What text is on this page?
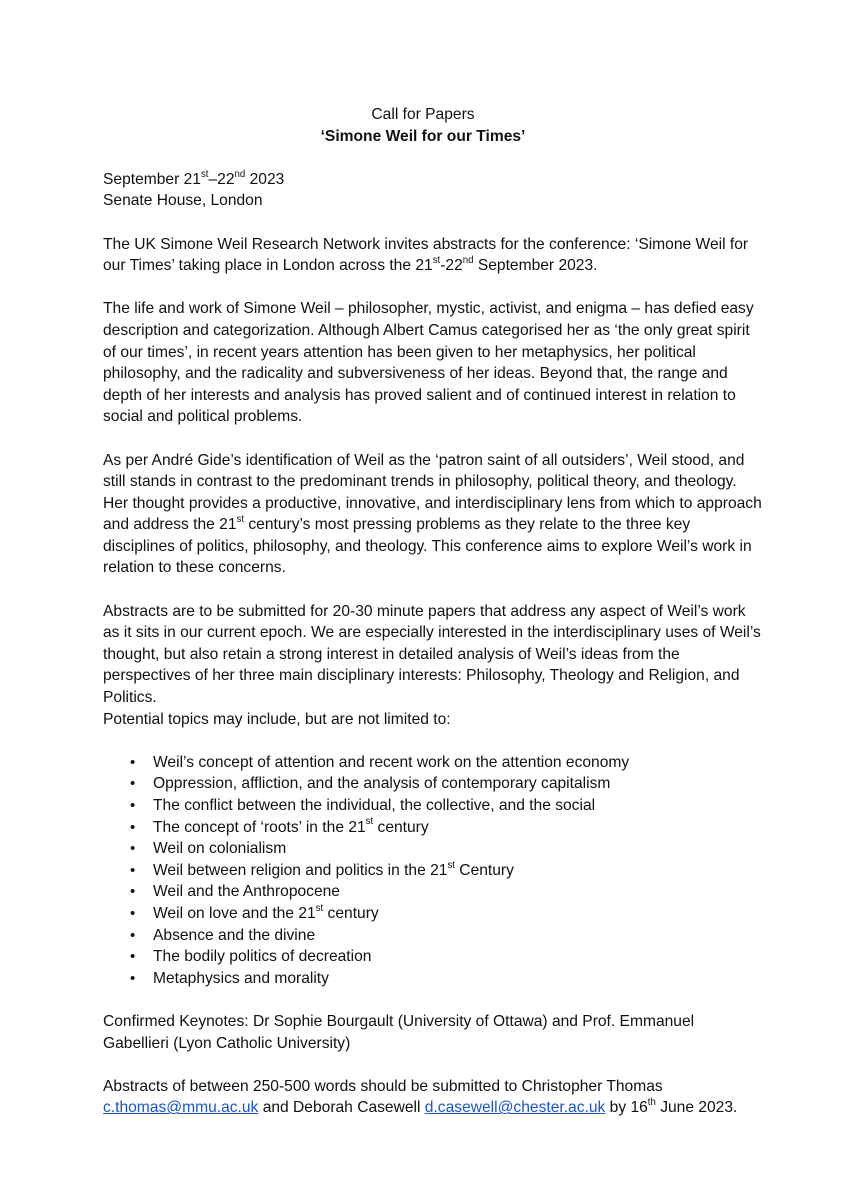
Call for Papers
‘Simone Weil for our Times’

September 21st–22nd 2023

Senate House, London

The UK Simone Weil Research Network invites abstracts for the conference: ‘Simone Weil for our Times’ taking place in London across the 21st-22nd September 2023.

The life and work of Simone Weil – philosopher, mystic, activist, and enigma – has defied easy description and categorization. Although Albert Camus categorised her as ‘the only great spirit of our times’, in recent years attention has been given to her metaphysics, her political philosophy, and the radicality and subversiveness of her ideas. Beyond that, the range and depth of her interests and analysis has proved salient and of continued interest in relation to social and political problems.

As per André Gide’s identification of Weil as the ‘patron saint of all outsiders’, Weil stood, and still stands in contrast to the predominant trends in philosophy, political theory, and theology. Her thought provides a productive, innovative, and interdisciplinary lens from which to approach and address the 21st century’s most pressing problems as they relate to the three key disciplines of politics, philosophy, and theology. This conference aims to explore Weil’s work in relation to these concerns.

Abstracts are to be submitted for 20-30 minute papers that address any aspect of Weil’s work as it sits in our current epoch. We are especially interested in the interdisciplinary uses of Weil’s thought, but also retain a strong interest in detailed analysis of Weil’s ideas from the perspectives of her three main disciplinary interests: Philosophy, Theology and Religion, and Politics.

Potential topics may include, but are not limited to:

• Weil’s concept of attention and recent work on the attention economy
• Oppression, affliction, and the analysis of contemporary capitalism
• The conflict between the individual, the collective, and the social
• The concept of ‘roots’ in the 21st century
• Weil on colonialism
• Weil between religion and politics in the 21st Century
• Weil and the Anthropocene
• Weil on love and the 21st century
• Absence and the divine
• The bodily politics of decreation
• Metaphysics and morality

Confirmed Keynotes: Dr Sophie Bourgault (University of Ottawa) and Prof. Emmanuel Gabellieri (Lyon Catholic University)

Abstracts of between 250-500 words should be submitted to Christopher Thomas
c.thomas@mmu.ac.uk and Deborah Casewell d.casewell@chester.ac.uk by 16th June 2023.
